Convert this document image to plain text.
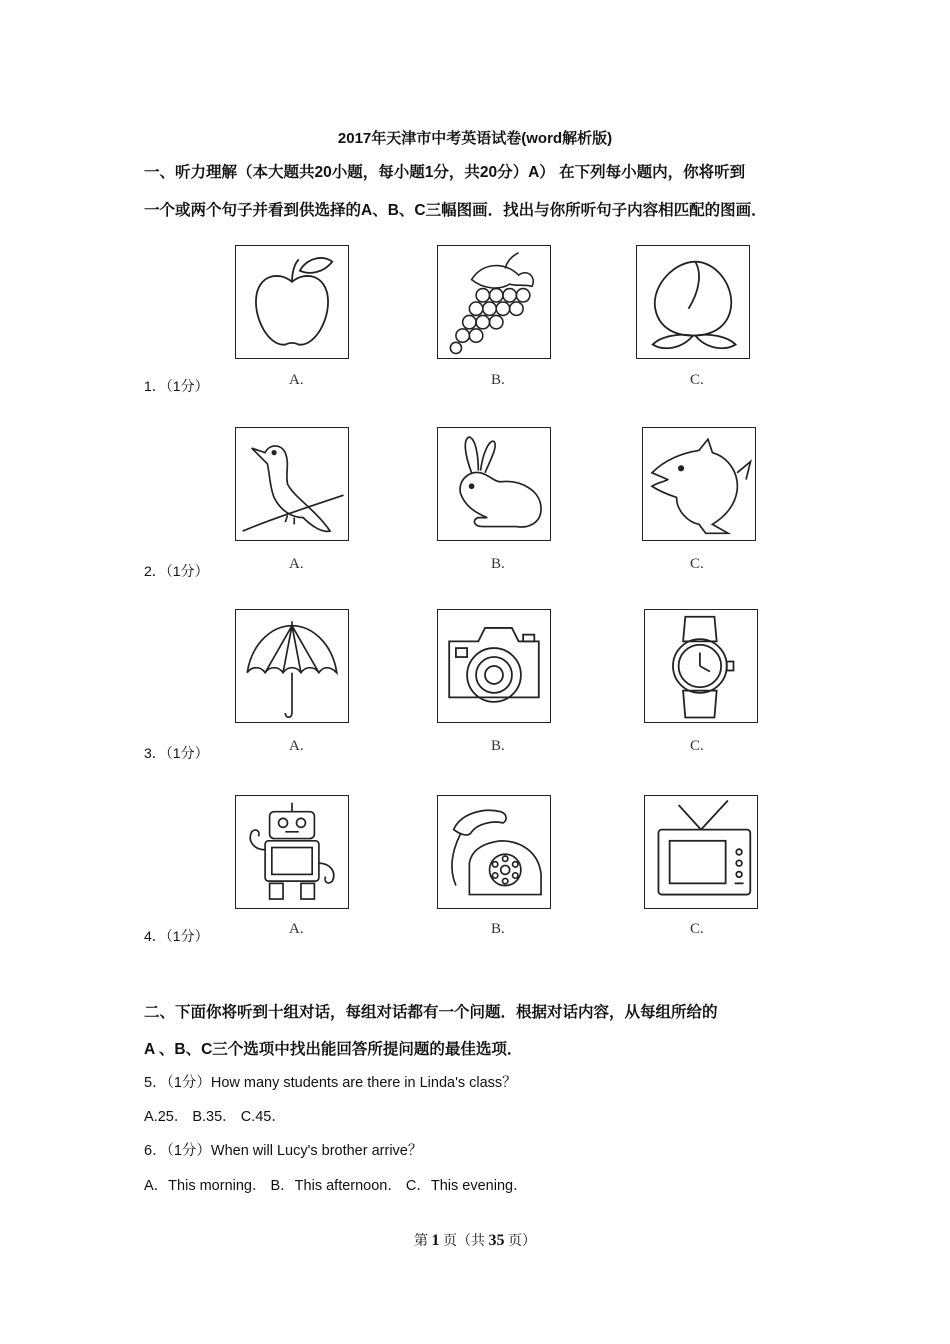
2017年天津市中考英语试卷(word解析版)
一、听力理解（本大题共20小题，每小题1分，共20分）A） 在下列每小题内，你将听到
一个或两个句子并看到供选择的A、B、C三幅图画．找出与你所听句子内容相匹配的图画．
1．（1分）	A.	B.	C.
2．（1分）	A.	B.	C.
3．（1分）	A.	B.	C.
4．（1分）	A.	B.	C.
二、下面你将听到十组对话，每组对话都有一个问题．根据对话内容，从每组所给的
A 、B、C三个选项中找出能回答所提问题的最佳选项．
5．（1分）How many students are there in Linda's class？
A.25． B.35． C.45．
6．（1分）When will Lucy's brother arrive？
A．This morning． B．This afternoon． C．This evening．
第 1 页（共 35 页）
